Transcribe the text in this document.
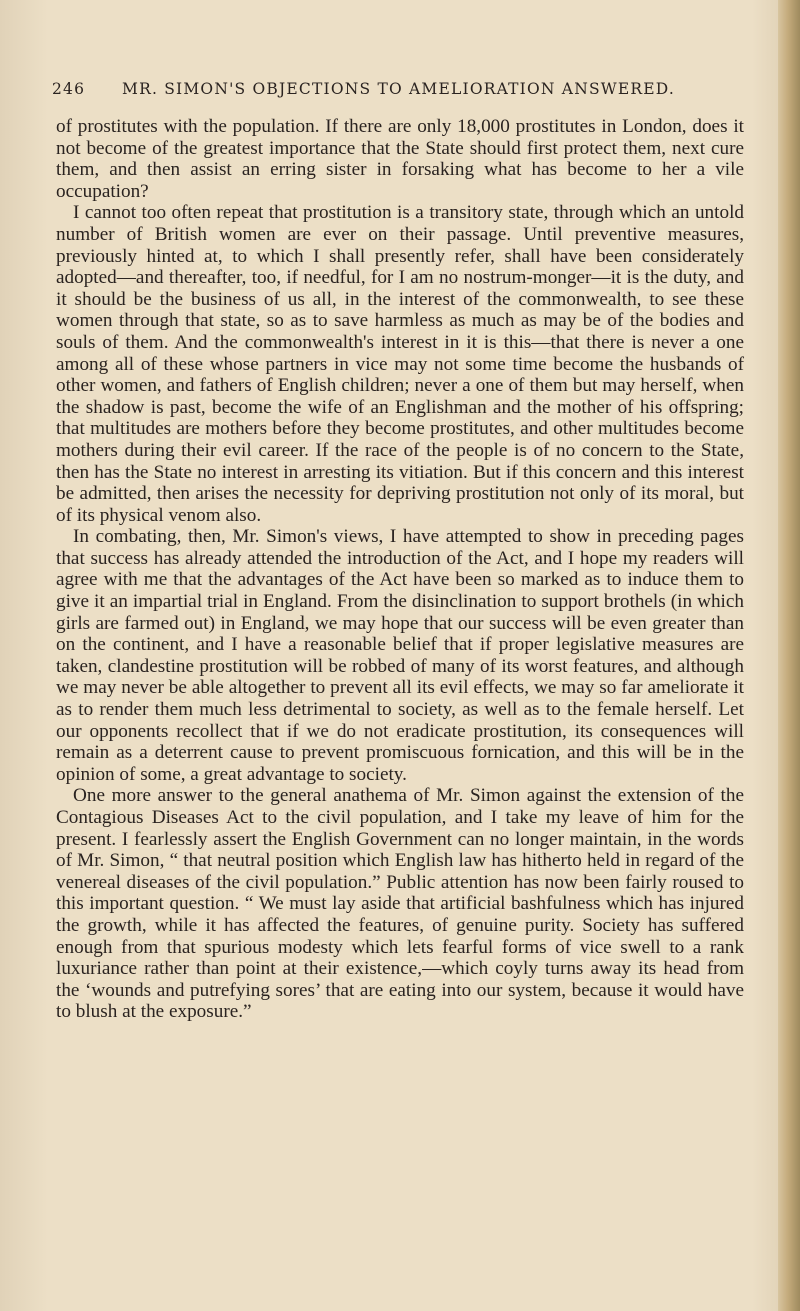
246 MR. SIMON'S OBJECTIONS TO AMELIORATION ANSWERED.

of prostitutes with the population. If there are only 18,000 prostitutes in London, does it not become of the greatest importance that the State should first protect them, next cure them, and then assist an erring sister in forsaking what has become to her a vile occupation?

I cannot too often repeat that prostitution is a transitory state, through which an untold number of British women are ever on their passage. Until preventive measures, previously hinted at, to which I shall presently refer, shall have been considerately adopted—and thereafter, too, if needful, for I am no nostrum-monger—it is the duty, and it should be the business of us all, in the interest of the commonwealth, to see these women through that state, so as to save harmless as much as may be of the bodies and souls of them. And the commonwealth's interest in it is this—that there is never a one among all of these whose partners in vice may not some time become the husbands of other women, and fathers of English children; never a one of them but may herself, when the shadow is past, become the wife of an Englishman and the mother of his offspring; that multitudes are mothers before they become prostitutes, and other multitudes become mothers during their evil career. If the race of the people is of no concern to the State, then has the State no interest in arresting its vitiation. But if this concern and this interest be admitted, then arises the necessity for depriving prostitution not only of its moral, but of its physical venom also.

In combating, then, Mr. Simon's views, I have attempted to show in preceding pages that success has already attended the introduction of the Act, and I hope my readers will agree with me that the advantages of the Act have been so marked as to induce them to give it an impartial trial in England. From the disinclination to support brothels (in which girls are farmed out) in England, we may hope that our success will be even greater than on the continent, and I have a reasonable belief that if proper legislative measures are taken, clandestine prostitution will be robbed of many of its worst features, and although we may never be able altogether to prevent all its evil effects, we may so far ameliorate it as to render them much less detrimental to society, as well as to the female herself. Let our opponents recollect that if we do not eradicate prostitution, its consequences will remain as a deterrent cause to prevent promiscuous fornication, and this will be in the opinion of some, a great advantage to society.

One more answer to the general anathema of Mr. Simon against the extension of the Contagious Diseases Act to the civil population, and I take my leave of him for the present. I fearlessly assert the English Government can no longer maintain, in the words of Mr. Simon, “ that neutral position which English law has hitherto held in regard of the venereal diseases of the civil population.” Public attention has now been fairly roused to this important question. “ We must lay aside that artificial bashfulness which has injured the growth, while it has affected the features, of genuine purity. Society has suffered enough from that spurious modesty which lets fearful forms of vice swell to a rank luxuriance rather than point at their existence,—which coyly turns away its head from the ‘wounds and putrefying sores’ that are eating into our system, because it would have to blush at the exposure.”
